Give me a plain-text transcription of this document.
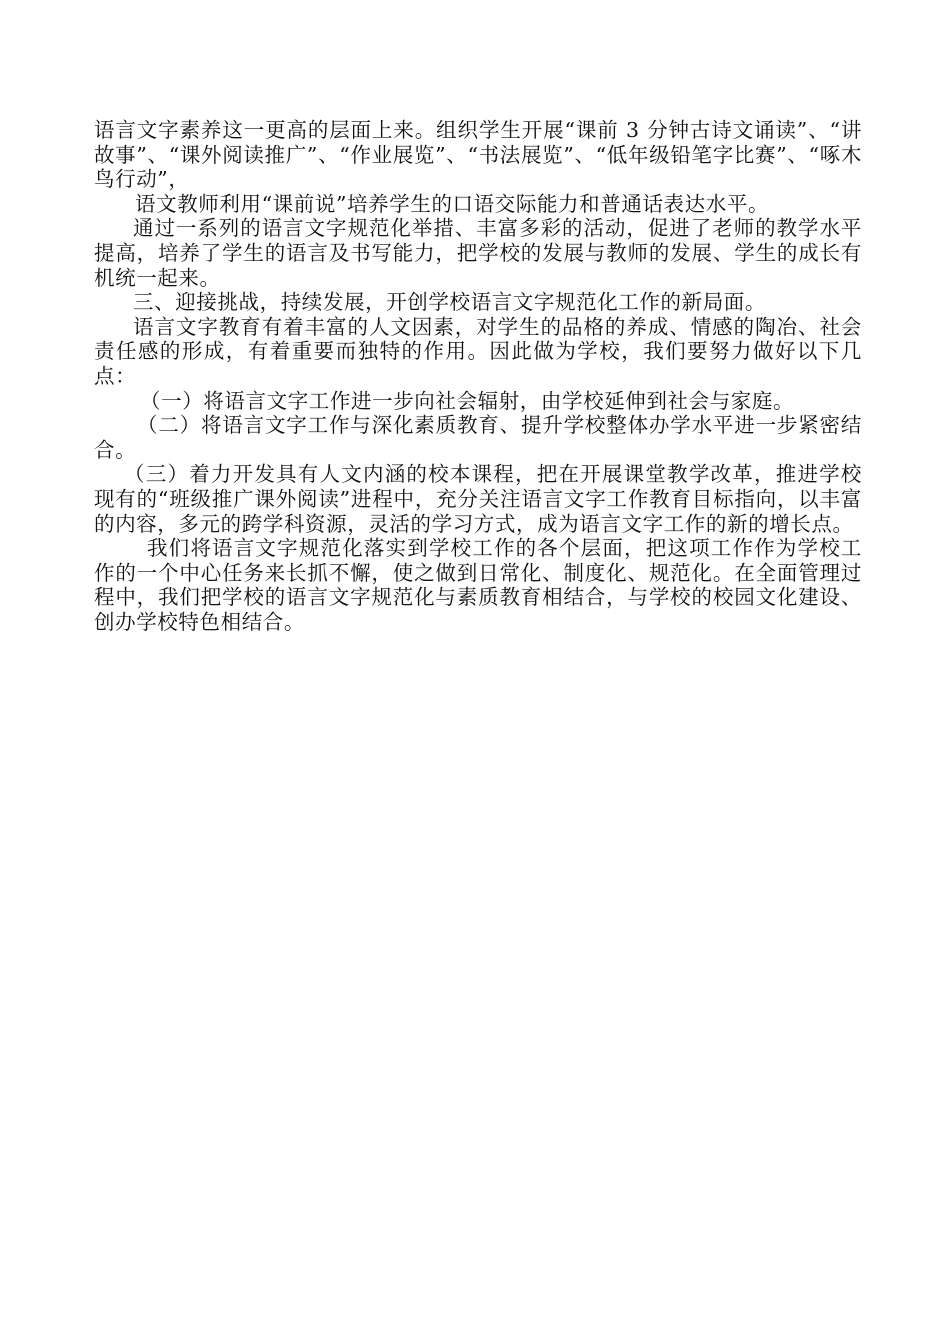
语言文字素养这一更高的层面上来。组织学生开展“课前 3 分钟古诗文诵读”、“讲故事”、“课外阅读推广”、“作业展览”、“书法展览”、“低年级铅笔字比赛”、“啄木鸟行动”，

语文教师利用“课前说”培养学生的口语交际能力和普通话表达水平。

通过一系列的语言文字规范化举措、丰富多彩的活动，促进了老师的教学水平提高，培养了学生的语言及书写能力，把学校的发展与教师的发展、学生的成长有机统一起来。

三、迎接挑战，持续发展，开创学校语言文字规范化工作的新局面。

语言文字教育有着丰富的人文因素，对学生的品格的养成、情感的陶冶、社会责任感的形成，有着重要而独特的作用。因此做为学校，我们要努力做好以下几点：

（一）将语言文字工作进一步向社会辐射，由学校延伸到社会与家庭。

（二）将语言文字工作与深化素质教育、提升学校整体办学水平进一步紧密结合。

（三）着力开发具有人文内涵的校本课程，把在开展课堂教学改革，推进学校现有的“班级推广课外阅读”进程中，充分关注语言文字工作教育目标指向，以丰富的内容，多元的跨学科资源，灵活的学习方式，成为语言文字工作的新的增长点。

我们将语言文字规范化落实到学校工作的各个层面，把这项工作作为学校工作的一个中心任务来长抓不懈，使之做到日常化、制度化、规范化。在全面管理过程中，我们把学校的语言文字规范化与素质教育相结合，与学校的校园文化建设、创办学校特色相结合。
